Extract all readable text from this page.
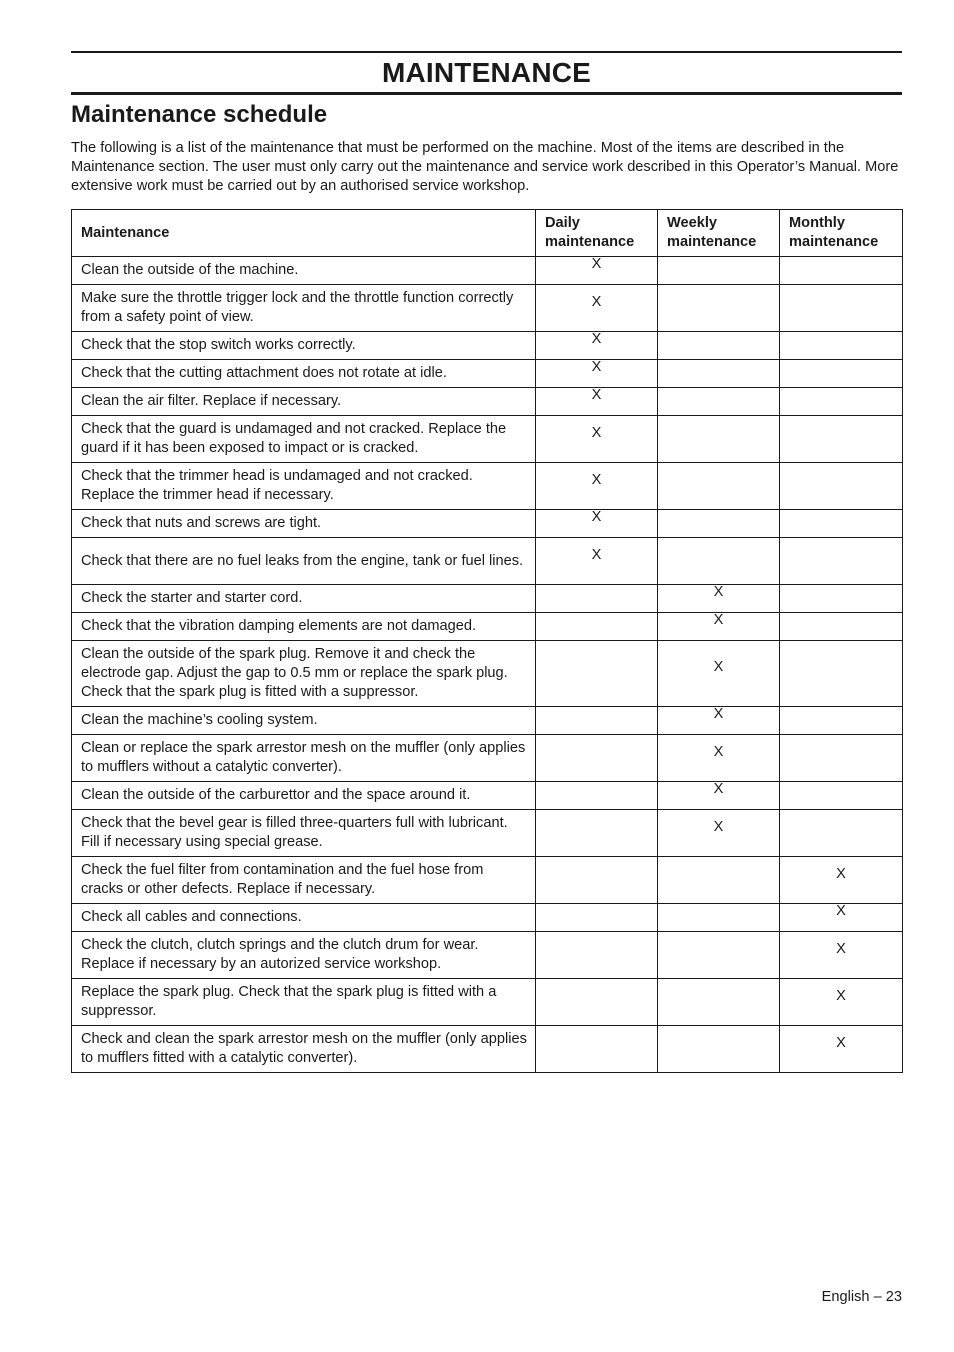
MAINTENANCE
Maintenance schedule

The following is a list of the maintenance that must be performed on the machine. Most of the items are described in the Maintenance section. The user must only carry out the maintenance and service work described in this Operator’s Manual. More extensive work must be carried out by an authorised service workshop.

Maintenance	Daily maintenance	Weekly maintenance	Monthly maintenance
Clean the outside of the machine.	X		
Make sure the throttle trigger lock and the throttle function correctly from a safety point of view.	X		
Check that the stop switch works correctly.	X		
Check that the cutting attachment does not rotate at idle.	X		
Clean the air filter. Replace if necessary.	X		
Check that the guard is undamaged and not cracked. Replace the guard if it has been exposed to impact or is cracked.	X		
Check that the trimmer head is undamaged and not cracked. Replace the trimmer head if necessary.	X		
Check that nuts and screws are tight.	X		
Check that there are no fuel leaks from the engine, tank or fuel lines.	X		
Check the starter and starter cord.		X	
Check that the vibration damping elements are not damaged.		X	
Clean the outside of the spark plug. Remove it and check the electrode gap. Adjust the gap to 0.5 mm or replace the spark plug. Check that the spark plug is fitted with a suppressor.		X	
Clean the machine’s cooling system.		X	
Clean or replace the spark arrestor mesh on the muffler (only applies to mufflers without a catalytic converter).		X	
Clean the outside of the carburettor and the space around it.		X	
Check that the bevel gear is filled three-quarters full with lubricant. Fill if necessary using special grease.		X	
Check the fuel filter from contamination and the fuel hose from cracks or other defects. Replace if necessary.			X
Check all cables and connections.			X
Check the clutch, clutch springs and the clutch drum for wear. Replace if necessary by an autorized service workshop.			X
Replace the spark plug. Check that the spark plug is fitted with a suppressor.			X
Check and clean the spark arrestor mesh on the muffler (only applies to mufflers fitted with a catalytic converter).			X
English – 23
